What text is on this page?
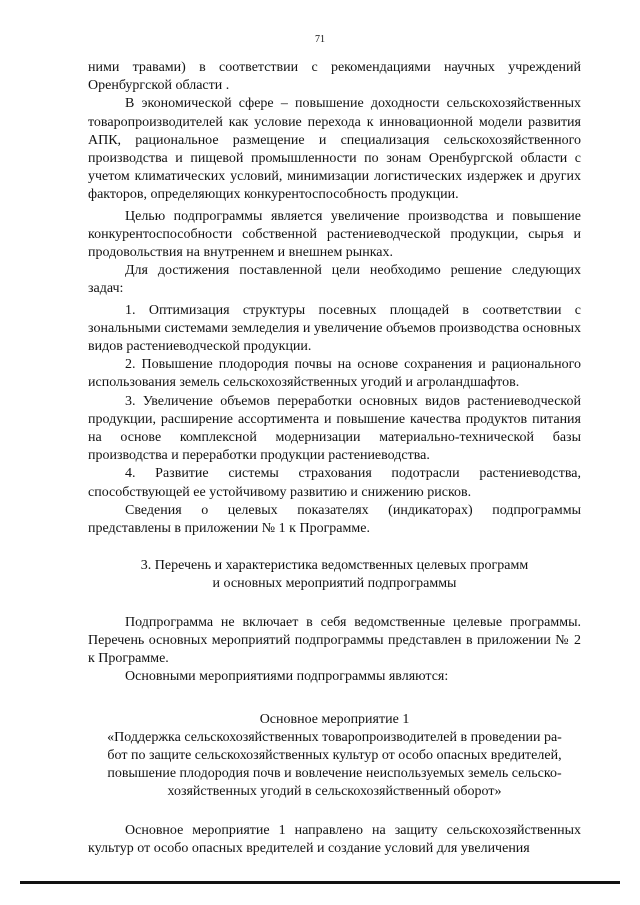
71

ними травами) в соответствии с рекомендациями научных учреждений Оренбургской области .

В экономической сфере – повышение доходности сельскохозяйственных товаропроизводителей как условие перехода к инновационной модели развития АПК, рациональное размещение и специализация сельскохозяйственного производства и пищевой промышленности по зонам Оренбургской области с учетом климатических условий, минимизации логистических издержек и других факторов, определяющих конкурентоспособность продукции.

Целью подпрограммы является увеличение производства и повышение конкурентоспособности собственной растениеводческой продукции, сырья и продовольствия на внутреннем и внешнем рынках.

Для достижения поставленной цели необходимо решение следующих задач:

1. Оптимизация структуры посевных площадей в соответствии с зональными системами земледелия и увеличение объемов производства основных видов растениеводческой продукции.

2. Повышение плодородия почвы на основе сохранения и рационального использования земель сельскохозяйственных угодий и агроландшафтов.

3. Увеличение объемов переработки основных видов растениеводческой продукции, расширение ассортимента и повышение качества продуктов питания на основе комплексной модернизации материально-технической базы производства и переработки продукции растениеводства.

4. Развитие системы страхования подотрасли растениеводства, способствующей ее устойчивому развитию и снижению рисков.

Сведения о целевых показателях (индикаторах) подпрограммы представлены в приложении № 1 к Программе.

3. Перечень и характеристика ведомственных целевых программ
и основных мероприятий подпрограммы

Подпрограмма не включает в себя ведомственные целевые программы. Перечень основных мероприятий подпрограммы представлен в приложении № 2 к Программе.

Основными мероприятиями подпрограммы являются:

Основное мероприятие 1
«Поддержка сельскохозяйственных товаропроизводителей в проведении ра-
бот по защите сельскохозяйственных культур от особо опасных вредителей,
повышение плодородия почв и вовлечение неиспользуемых земель сельско-
хозяйственных угодий в сельскохозяйственный оборот»

Основное мероприятие 1 направлено на защиту сельскохозяйственных культур от особо опасных вредителей и создание условий для увеличения
